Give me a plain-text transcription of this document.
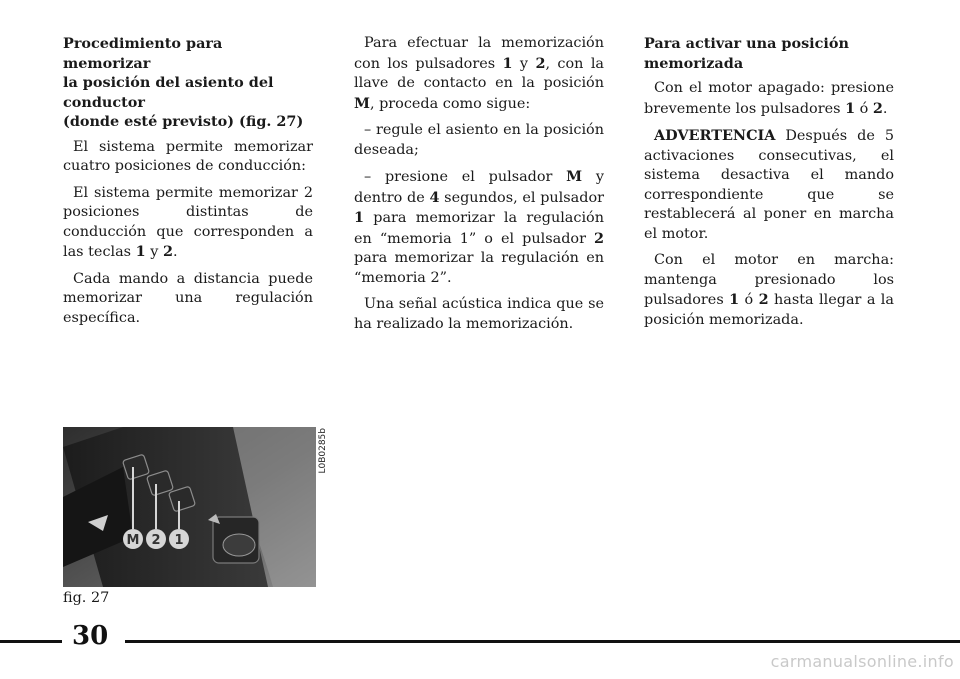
Procedimiento para memorizar
la posición del asiento del
conductor
(donde esté previsto) (fig. 27)

El sistema permite memorizar cuatro posiciones de conducción:

El sistema permite memorizar 2 posiciones distintas de conducción que corresponden a las teclas 1 y 2.

Cada mando a distancia puede memorizar una regulación específica.

Para efectuar la memorización con los pulsadores 1 y 2, con la llave de contacto en la posición M, proceda como sigue:

– regule el asiento en la posición deseada;

– presione el pulsador M y dentro de 4 segundos, el pulsador 1 para memorizar la regulación en “memoria 1” o el pulsador 2 para memorizar la regulación en “memoria 2”.

Una señal acústica indica que se ha realizado la memorización.

Para activar una posición memorizada

Con el motor apagado: presione brevemente los pulsadores 1 ó 2.

ADVERTENCIA Después de 5 activaciones consecutivas, el sistema desactiva el mando correspondiente que se restablecerá al poner en marcha el motor.

Con el motor en marcha: mantenga presionado los pulsadores 1 ó 2 hasta llegar a la posición memorizada.

M 2 1
L0B0285b
fig. 27
30
carmanualsonline.info
